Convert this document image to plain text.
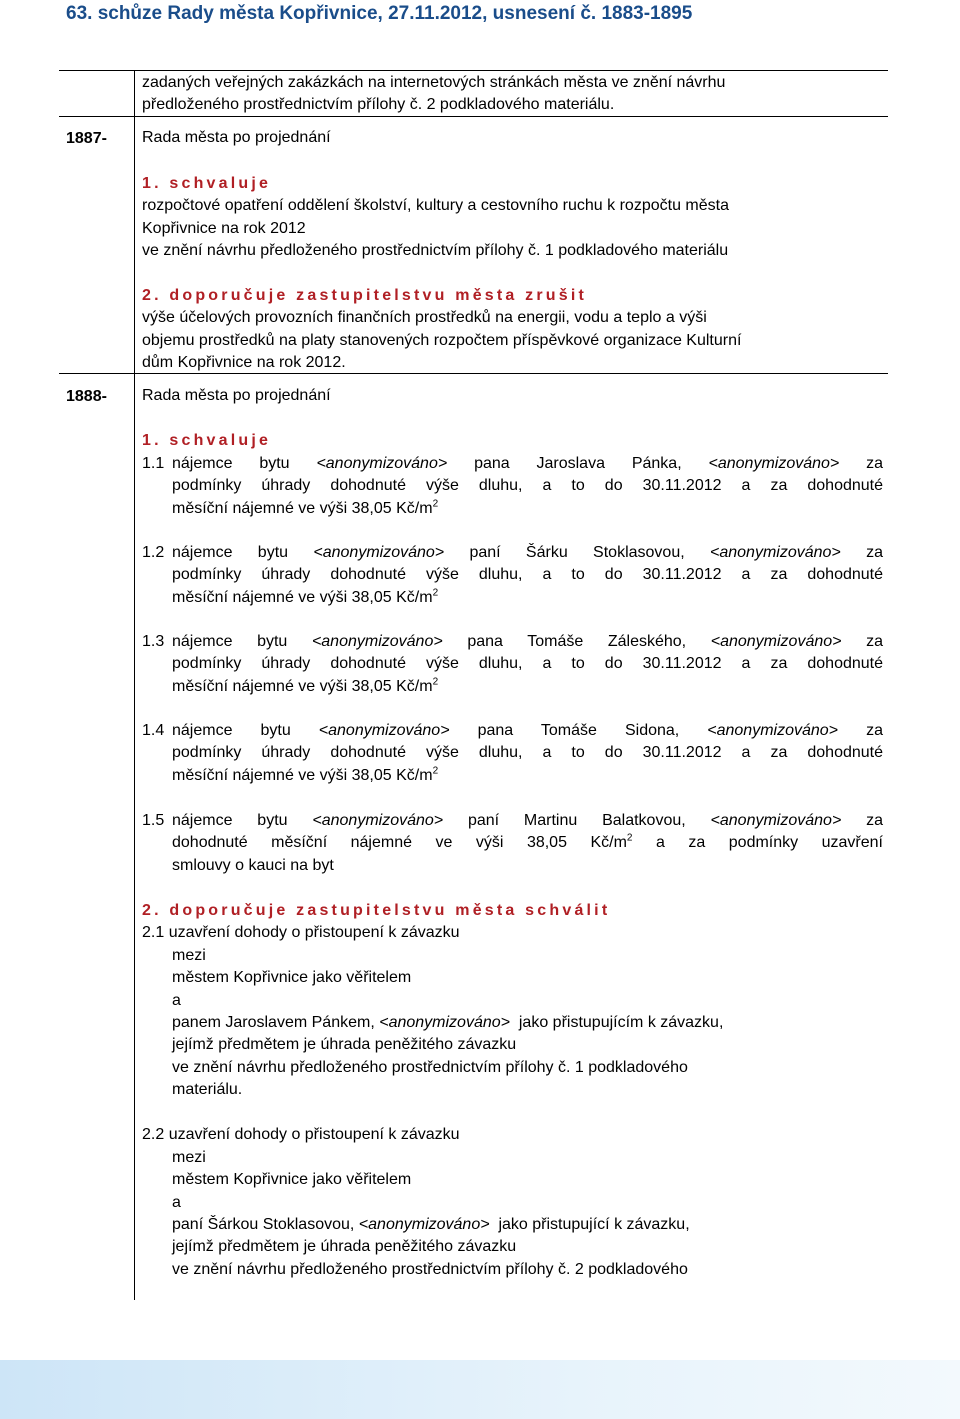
63. schůze Rady města Kopřivnice, 27.11.2012, usnesení č. 1883-1895
zadaných veřejných zakázkách na internetových stránkách města ve znění návrhu
předloženého prostřednictvím přílohy č. 2 podkladového materiálu.
1887- Rada města po projednání
1. schvaluje
rozpočtové opatření oddělení školství, kultury a cestovního ruchu k rozpočtu města
Kopřivnice na rok 2012
ve znění návrhu předloženého prostřednictvím přílohy č. 1 podkladového materiálu
2. doporučuje zastupitelstvu města zrušit
výše účelových provozních finančních prostředků na energii, vodu a teplo a výši
objemu prostředků na platy stanovených rozpočtem příspěvkové organizace Kulturní
dům Kopřivnice na rok 2012.
1888- Rada města po projednání
1. schvaluje
1.1 nájemce bytu <anonymizováno> pana Jaroslava Pánka, <anonymizováno> za
podmínky úhrady dohodnuté výše dluhu, a to do 30.11.2012 a za dohodnuté
měsíční nájemné ve výši 38,05 $Kč/m^2$
1.2 nájemce bytu <anonymizováno> paní Šárku Stoklasovou, <anonymizováno> za
podmínky úhrady dohodnuté výše dluhu, a to do 30.11.2012 a za dohodnuté
měsíční nájemné ve výši 38,05 $Kč/m^2$
1.3 nájemce bytu <anonymizováno> pana Tomáše Záleského, <anonymizováno> za
podmínky úhrady dohodnuté výše dluhu, a to do 30.11.2012 a za dohodnuté
měsíční nájemné ve výši 38,05 $Kč/m^2$
1.4 nájemce bytu <anonymizováno> pana Tomáše Sidona, <anonymizováno> za
podmínky úhrady dohodnuté výše dluhu, a to do 30.11.2012 a za dohodnuté
měsíční nájemné ve výši 38,05 $Kč/m^2$
1.5 nájemce bytu <anonymizováno> paní Martinu Balatkovou, <anonymizováno> za
dohodnuté měsíční nájemné ve výši 38,05 $Kč/m^2$ a za podmínky uzavření
smlouvy o kauci na byt
2. doporučuje zastupitelstvu města schválit
2.1 uzavření dohody o přistoupení k závazku
mezi
městem Kopřivnice jako věřitelem
a
panem Jaroslavem Pánkem, <anonymizováno> jako přistupujícím k závazku,
jejímž předmětem je úhrada peněžitého závazku
ve znění návrhu předloženého prostřednictvím přílohy č. 1 podkladového
materiálu.
2.2 uzavření dohody o přistoupení k závazku
mezi
městem Kopřivnice jako věřitelem
a
paní Šárkou Stoklasovou, <anonymizováno> jako přistupující k závazku,
jejímž předmětem je úhrada peněžitého závazku
ve znění návrhu předloženého prostřednictvím přílohy č. 2 podkladového
